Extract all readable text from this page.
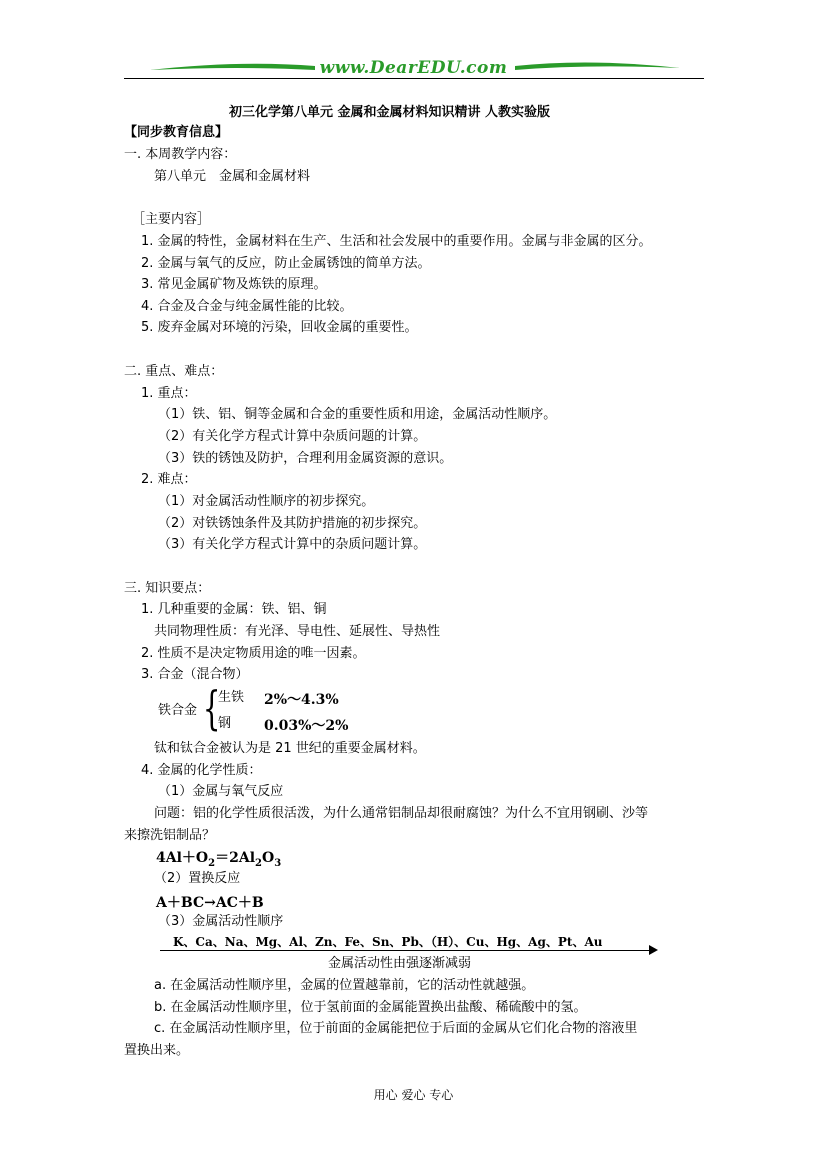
www.DearEDU.com
初三化学第八单元 金属和金属材料知识精讲 人教实验版
【同步教育信息】
一. 本周教学内容：
第八单元　金属和金属材料
［主要内容］
1. 金属的特性，金属材料在生产、生活和社会发展中的重要作用。金属与非金属的区分。
2. 金属与氧气的反应，防止金属锈蚀的简单方法。
3. 常见金属矿物及炼铁的原理。
4. 合金及合金与纯金属性能的比较。
5. 废弃金属对环境的污染，回收金属的重要性。
二. 重点、难点：
1. 重点：
（1）铁、铝、铜等金属和合金的重要性质和用途，金属活动性顺序。
（2）有关化学方程式计算中杂质问题的计算。
（3）铁的锈蚀及防护，合理利用金属资源的意识。
2. 难点：
（1）对金属活动性顺序的初步探究。
（2）对铁锈蚀条件及其防护措施的初步探究。
（3）有关化学方程式计算中的杂质问题计算。
三. 知识要点：
1. 几种重要的金属：铁、铝、铜
共同物理性质：有光泽、导电性、延展性、导热性
2. 性质不是决定物质用途的唯一因素。
3. 合金（混合物）
铁合金 {
生铁 2%～4.3%
钢 0.03%～2%
钛和钛合金被认为是 21 世纪的重要金属材料。
4. 金属的化学性质：
（1）金属与氧气反应
问题：铝的化学性质很活泼，为什么通常铝制品却很耐腐蚀？为什么不宜用钢刷、沙等
来擦洗铝制品？
$4Al+O_2=2Al_2O_3$
（2）置换反应
A＋BC→AC＋B
（3）金属活动性顺序
K、Ca、Na、Mg、Al、Zn、Fe、Sn、Pb、（H）、Cu、Hg、Ag、Pt、Au
金属活动性由强逐渐减弱
a. 在金属活动性顺序里，金属的位置越靠前，它的活动性就越强。
b. 在金属活动性顺序里，位于氢前面的金属能置换出盐酸、稀硫酸中的氢。
c. 在金属活动性顺序里，位于前面的金属能把位于后面的金属从它们化合物的溶液里
置换出来。
用心 爱心 专心
